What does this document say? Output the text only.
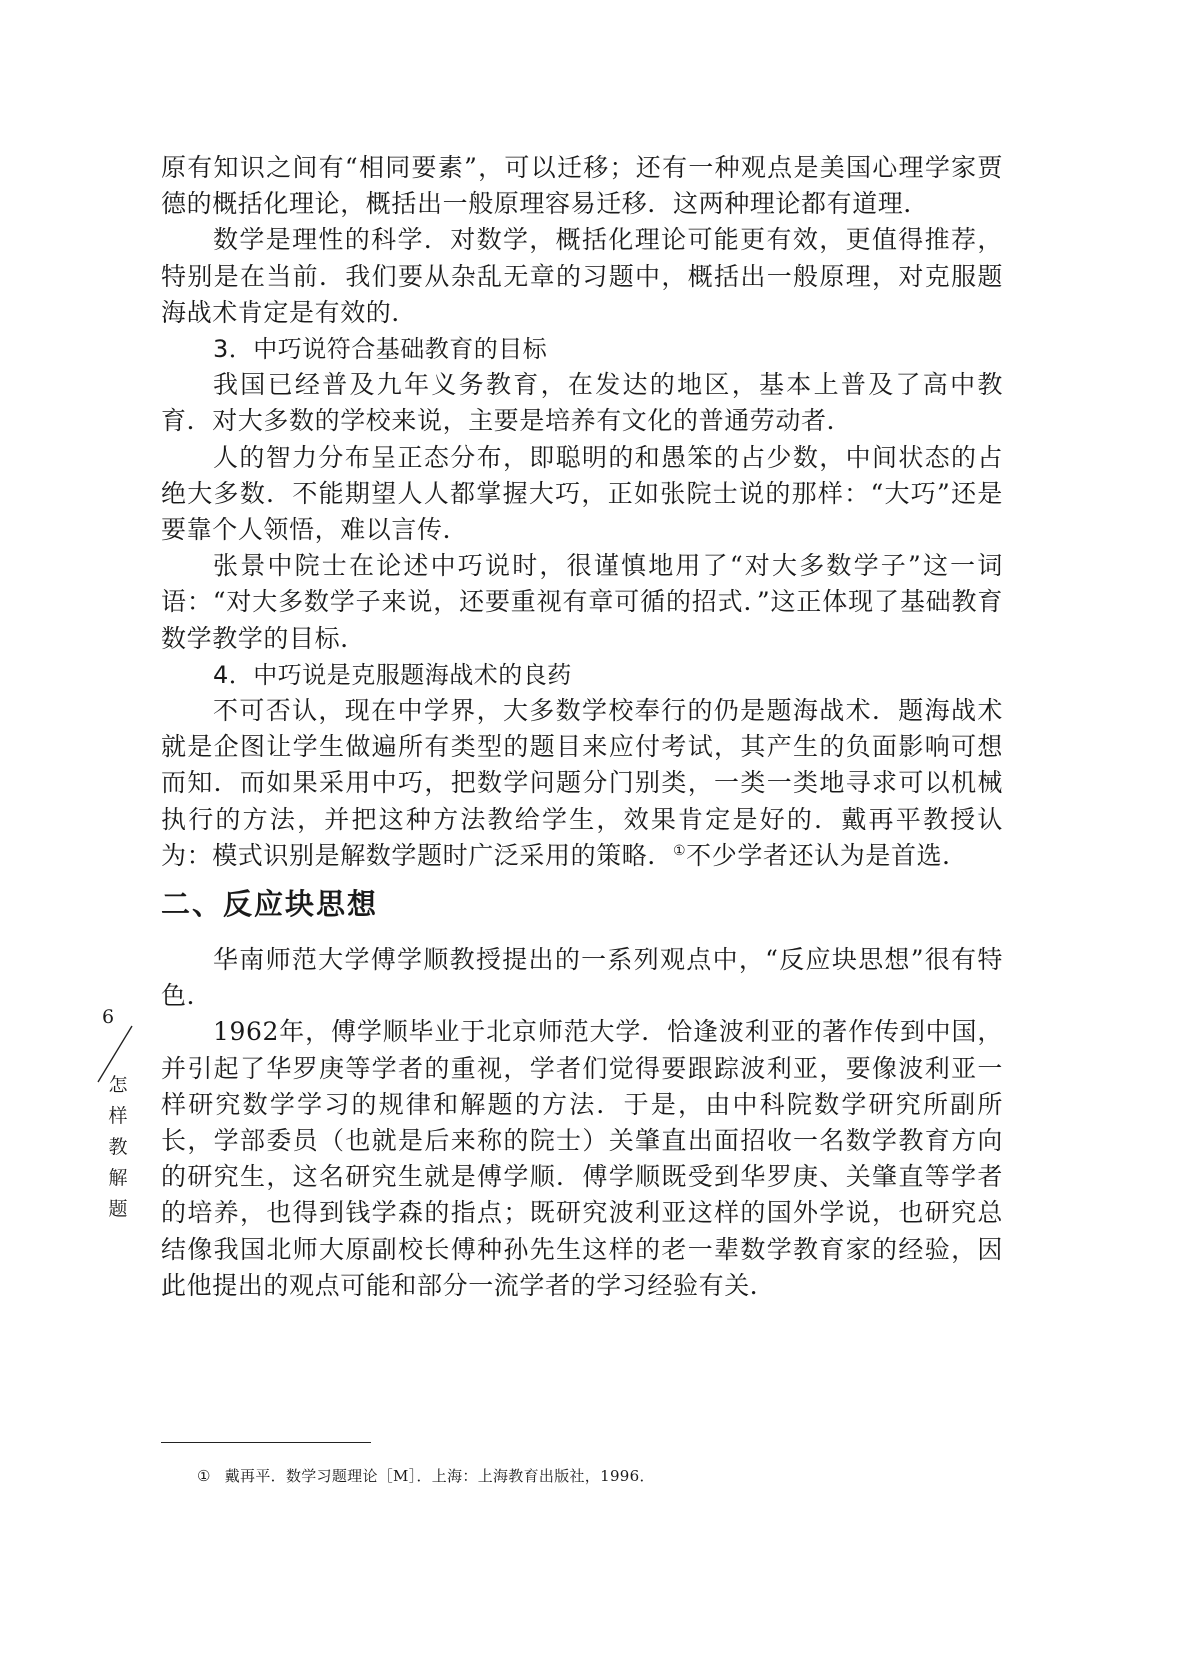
原有知识之间有“相同要素”，可以迁移；还有一种观点是美国心理学家贾德的概括化理论，概括出一般原理容易迁移．这两种理论都有道理．

数学是理性的科学．对数学，概括化理论可能更有效，更值得推荐，特别是在当前．我们要从杂乱无章的习题中，概括出一般原理，对克服题海战术肯定是有效的．

3．中巧说符合基础教育的目标

我国已经普及九年义务教育，在发达的地区，基本上普及了高中教育．对大多数的学校来说，主要是培养有文化的普通劳动者．

人的智力分布呈正态分布，即聪明的和愚笨的占少数，中间状态的占绝大多数．不能期望人人都掌握大巧，正如张院士说的那样：“大巧”还是要靠个人领悟，难以言传．

张景中院士在论述中巧说时，很谨慎地用了“对大多数学子”这一词语：“对大多数学子来说，还要重视有章可循的招式．”这正体现了基础教育数学教学的目标．

4．中巧说是克服题海战术的良药

不可否认，现在中学界，大多数学校奉行的仍是题海战术．题海战术就是企图让学生做遍所有类型的题目来应付考试，其产生的负面影响可想而知．而如果采用中巧，把数学问题分门别类，一类一类地寻求可以机械执行的方法，并把这种方法教给学生，效果肯定是好的．戴再平教授认为：模式识别是解数学题时广泛采用的策略．①不少学者还认为是首选．

二、反应块思想

华南师范大学傅学顺教授提出的一系列观点中，“反应块思想”很有特色．

1962年，傅学顺毕业于北京师范大学．恰逢波利亚的著作传到中国，并引起了华罗庚等学者的重视，学者们觉得要跟踪波利亚，要像波利亚一样研究数学学习的规律和解题的方法．于是，由中科院数学研究所副所长，学部委员（也就是后来称的院士）关肇直出面招收一名数学教育方向的研究生，这名研究生就是傅学顺．傅学顺既受到华罗庚、关肇直等学者的培养，也得到钱学森的指点；既研究波利亚这样的国外学说，也研究总结像我国北师大原副校长傅种孙先生这样的老一辈数学教育家的经验，因此他提出的观点可能和部分一流学者的学习经验有关．

① 戴再平．数学习题理论［M］．上海：上海教育出版社，1996．
6
怎
样
教
解
题
